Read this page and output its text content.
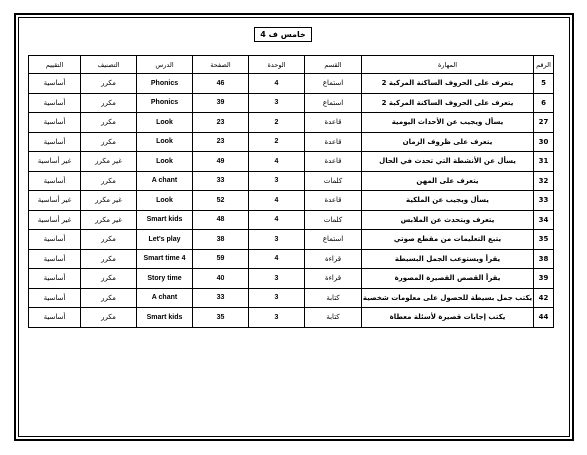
خامس ف 4
الرقم	المهارة	القسم	الوحدة	الصفحة	الدرس	التصنيف	التقييم
5	يتعرف على الحروف الساكنة المركبة 2	استماع	4	46	Phonics	مكرر	أساسية
6	يتعرف على الحروف الساكنة المركبة 2	استماع	3	39	Phonics	مكرر	أساسية
27	يسأل ويجيب عن الأحداث اليومية	قاعدة	2	23	Look	مكرر	أساسية
30	يتعرف على ظروف الزمان	قاعدة	2	23	Look	مكرر	أساسية
31	يسأل عن الأنشطة التي تحدث في الحال	قاعدة	4	49	Look	غير مكرر	غير أساسية
32	يتعرف على المهن	كلمات	3	33	A chant	مكرر	أساسية
33	يسأل ويجيب عن الملكية	قاعدة	4	52	Look	غير مكرر	غير أساسية
34	يتعرف ويتحدث عن الملابس	كلمات	4	48	Smart kids	غير مكرر	غير أساسية
35	يتبع التعليمات من مقطع صوتي	استماع	3	38	Let's play	مكرر	أساسية
38	يقرأ ويستوعب الجمل البسيطة	قراءة	4	59	Smart time 4	مكرر	أساسية
39	يقرأ القصص القصيرة المصورة	قراءة	3	40	Story time	مكرر	أساسية
42	يكتب جمل بسيطة للحصول على معلومات شخصية	كتابة	3	33	A chant	مكرر	أساسية
44	يكتب إجابات قصيرة لأسئلة معطاة	كتابة	3	35	Smart kids	مكرر	أساسية
